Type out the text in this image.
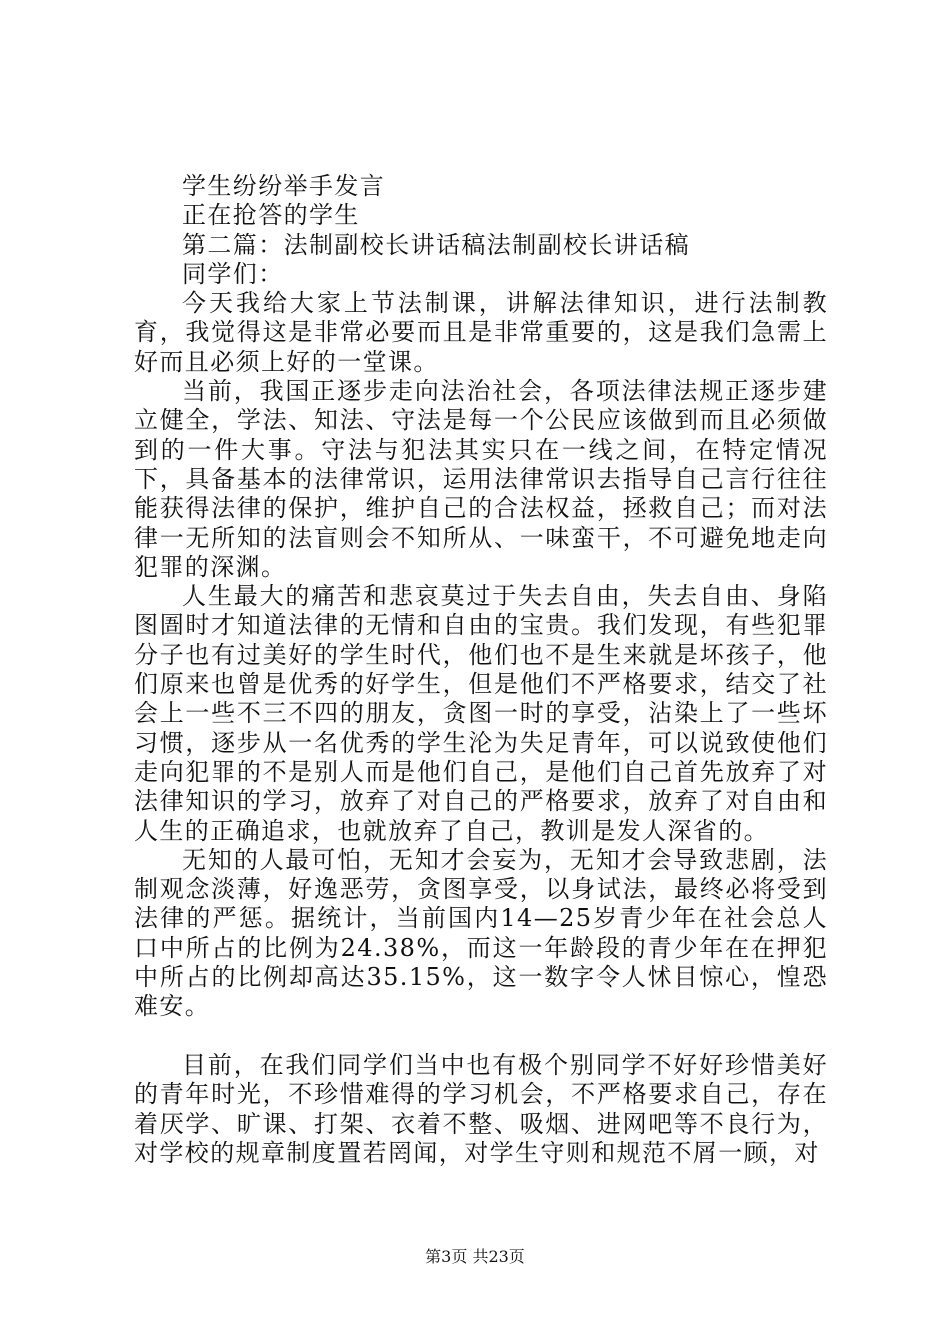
学生纷纷举手发言

正在抢答的学生

第二篇：法制副校长讲话稿法制副校长讲话稿

同学们：

今天我给大家上节法制课，讲解法律知识，进行法制教育，我觉得这是非常必要而且是非常重要的，这是我们急需上好而且必须上好的一堂课。

当前，我国正逐步走向法治社会，各项法律法规正逐步建立健全，学法、知法、守法是每一个公民应该做到而且必须做到的一件大事。守法与犯法其实只在一线之间，在特定情况下，具备基本的法律常识，运用法律常识去指导自己言行往往能获得法律的保护，维护自己的合法权益，拯救自己；而对法律一无所知的法盲则会不知所从、一味蛮干，不可避免地走向犯罪的深渊。

人生最大的痛苦和悲哀莫过于失去自由，失去自由、身陷图圄时才知道法律的无情和自由的宝贵。我们发现，有些犯罪分子也有过美好的学生时代，他们也不是生来就是坏孩子，他们原来也曾是优秀的好学生，但是他们不严格要求，结交了社会上一些不三不四的朋友，贪图一时的享受，沾染上了一些坏习惯，逐步从一名优秀的学生沦为失足青年，可以说致使他们走向犯罪的不是别人而是他们自己，是他们自己首先放弃了对法律知识的学习，放弃了对自己的严格要求，放弃了对自由和人生的正确追求，也就放弃了自己，教训是发人深省的。

无知的人最可怕，无知才会妄为，无知才会导致悲剧，法制观念淡薄，好逸恶劳，贪图享受，以身试法，最终必将受到法律的严惩。据统计，当前国内14—25岁青少年在社会总人口中所占的比例为24.38%，而这一年龄段的青少年在在押犯中所占的比例却高达35.15%，这一数字令人怵目惊心，惶恐难安。

目前，在我们同学们当中也有极个别同学不好好珍惜美好的青年时光，不珍惜难得的学习机会，不严格要求自己，存在着厌学、旷课、打架、衣着不整、吸烟、进网吧等不良行为，对学校的规章制度置若罔闻，对学生守则和规范不屑一顾，对

第3页 共23页
